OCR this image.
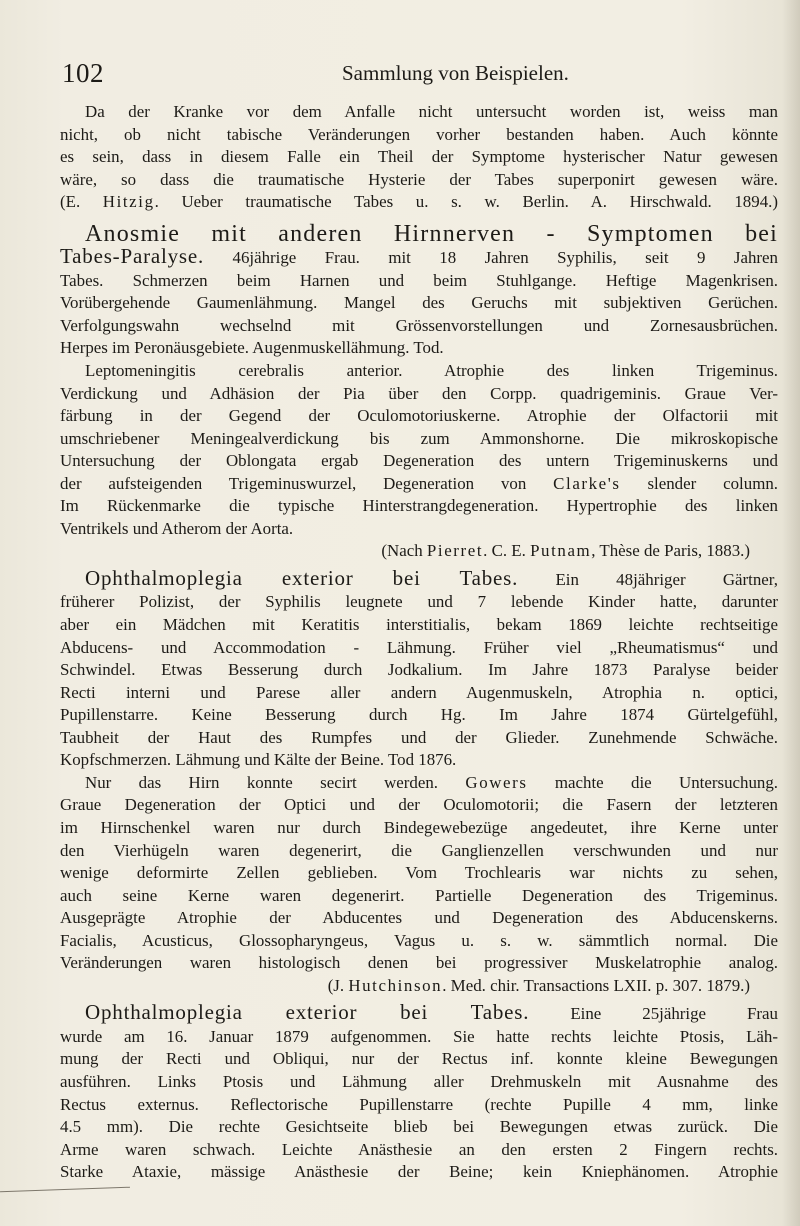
102	Sammlung von Beispielen.
Da der Kranke vor dem Anfalle nicht untersucht worden ist, weiss man
nicht, ob nicht tabische Veränderungen vorher bestanden haben. Auch könnte
es sein, dass in diesem Falle ein Theil der Symptome hysterischer Natur gewesen
wäre, so dass die traumatische Hysterie der Tabes superponirt gewesen wäre.
(E. Hitzig. Ueber traumatische Tabes u. s. w. Berlin. A. Hirschwald. 1894.)
Anosmie mit anderen Hirnnerven - Symptomen bei
Tabes-Paralyse. 46jährige Frau. mit 18 Jahren Syphilis, seit 9 Jahren
Tabes. Schmerzen beim Harnen und beim Stuhlgange. Heftige Magenkrisen.
Vorübergehende Gaumenlähmung. Mangel des Geruchs mit subjektiven Gerüchen.
Verfolgungswahn wechselnd mit Grössenvorstellungen und Zornesausbrüchen.
Herpes im Peronäusgebiete. Augenmuskellähmung. Tod.
Leptomeningitis cerebralis anterior. Atrophie des linken Trigeminus.
Verdickung und Adhäsion der Pia über den Corpp. quadrigeminis. Graue Ver-
färbung in der Gegend der Oculomotoriuskerne. Atrophie der Olfactorii mit
umschriebener Meningealverdickung bis zum Ammonshorne. Die mikroskopische
Untersuchung der Oblongata ergab Degeneration des untern Trigeminuskerns und
der aufsteigenden Trigeminuswurzel, Degeneration von Clarke's slender column.
Im Rückenmarke die typische Hinterstrangdegeneration. Hypertrophie des linken
Ventrikels und Atherom der Aorta.
(Nach Pierret. C. E. Putnam, Thèse de Paris, 1883.)
Ophthalmoplegia exterior bei Tabes. Ein 48jähriger Gärtner,
früherer Polizist, der Syphilis leugnete und 7 lebende Kinder hatte, darunter
aber ein Mädchen mit Keratitis interstitialis, bekam 1869 leichte rechtseitige
Abducens- und Accommodation - Lähmung. Früher viel „Rheumatismus“ und
Schwindel. Etwas Besserung durch Jodkalium. Im Jahre 1873 Paralyse beider
Recti interni und Parese aller andern Augenmuskeln, Atrophia n. optici,
Pupillenstarre. Keine Besserung durch Hg. Im Jahre 1874 Gürtelgefühl,
Taubheit der Haut des Rumpfes und der Glieder. Zunehmende Schwäche.
Kopfschmerzen. Lähmung und Kälte der Beine. Tod 1876.
Nur das Hirn konnte secirt werden. Gowers machte die Untersuchung.
Graue Degeneration der Optici und der Oculomotorii; die Fasern der letzteren
im Hirnschenkel waren nur durch Bindegewebezüge angedeutet, ihre Kerne unter
den Vierhügeln waren degenerirt, die Ganglienzellen verschwunden und nur
wenige deformirte Zellen geblieben. Vom Trochlearis war nichts zu sehen,
auch seine Kerne waren degenerirt. Partielle Degeneration des Trigeminus.
Ausgeprägte Atrophie der Abducentes und Degeneration des Abducenskerns.
Facialis, Acusticus, Glossopharyngeus, Vagus u. s. w. sämmtlich normal. Die
Veränderungen waren histologisch denen bei progressiver Muskelatrophie analog.
(J. Hutchinson. Med. chir. Transactions LXII. p. 307. 1879.)
Ophthalmoplegia exterior bei Tabes. Eine 25jährige Frau
wurde am 16. Januar 1879 aufgenommen. Sie hatte rechts leichte Ptosis, Läh-
mung der Recti und Obliqui, nur der Rectus inf. konnte kleine Bewegungen
ausführen. Links Ptosis und Lähmung aller Drehmuskeln mit Ausnahme des
Rectus externus. Reflectorische Pupillenstarre (rechte Pupille 4 mm, linke
4.5 mm). Die rechte Gesichtseite blieb bei Bewegungen etwas zurück. Die
Arme waren schwach. Leichte Anästhesie an den ersten 2 Fingern rechts.
Starke Ataxie, mässige Anästhesie der Beine; kein Kniephänomen. Atrophie
